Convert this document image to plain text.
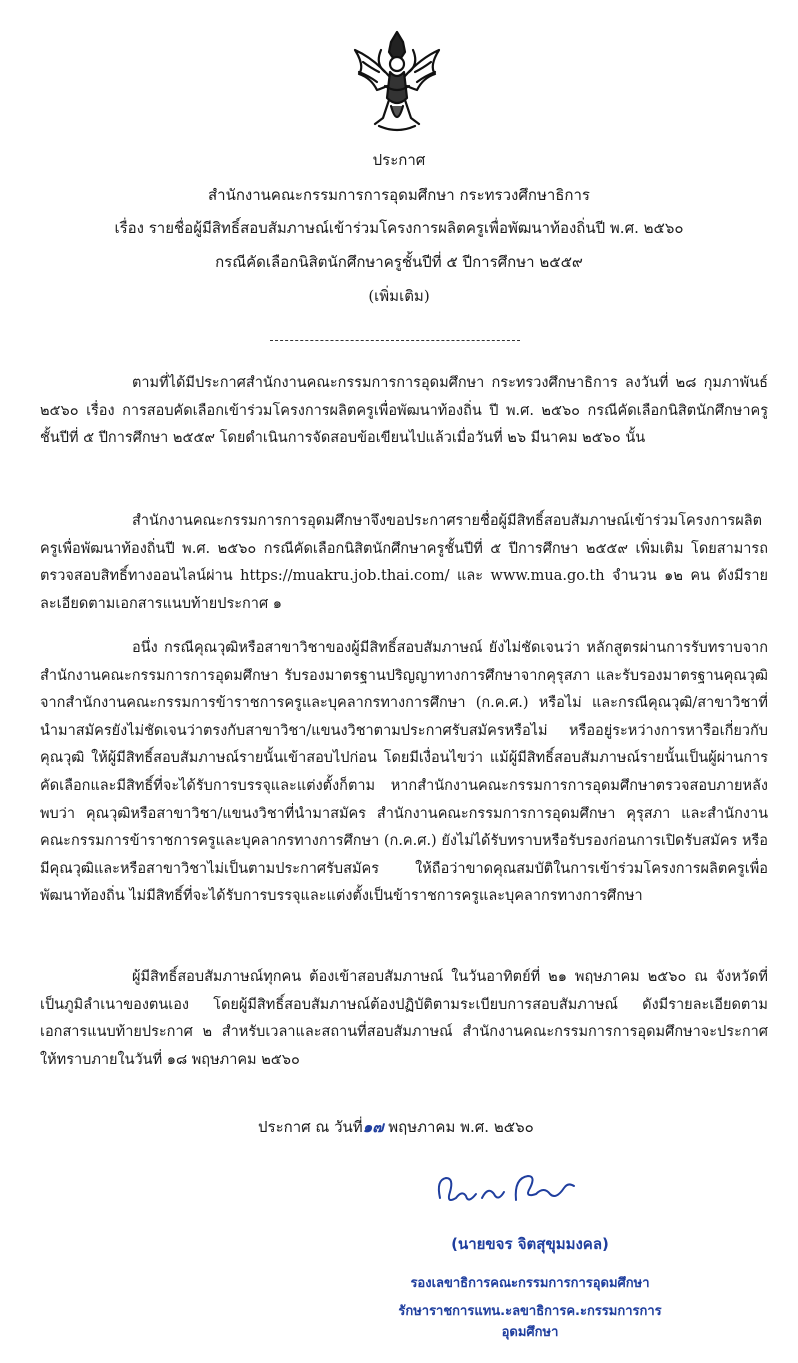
ประกาศ
สำนักงานคณะกรรมการการอุดมศึกษา กระทรวงศึกษาธิการ
เรื่อง รายชื่อผู้มีสิทธิ์สอบสัมภาษณ์เข้าร่วมโครงการผลิตครูเพื่อพัฒนาท้องถิ่นปี พ.ศ. ๒๕๖๐
กรณีคัดเลือกนิสิตนักศึกษาครูชั้นปีที่ ๕ ปีการศึกษา ๒๕๕๙
(เพิ่มเติม)
ตามที่ได้มีประกาศสำนักงานคณะกรรมการการอุดมศึกษา กระทรวงศึกษาธิการ ลงวันที่ ๒๘ กุมภาพันธ์ ๒๕๖๐ เรื่อง การสอบคัดเลือกเข้าร่วมโครงการผลิตครูเพื่อพัฒนาท้องถิ่น ปี พ.ศ. ๒๕๖๐ กรณีคัดเลือกนิสิตนักศึกษาครูชั้นปีที่ ๕ ปีการศึกษา ๒๕๕๙ โดยดำเนินการจัดสอบข้อเขียนไปแล้วเมื่อวันที่ ๒๖ มีนาคม ๒๕๖๐ นั้น
สำนักงานคณะกรรมการการอุดมศึกษาจึงขอประกาศรายชื่อผู้มีสิทธิ์สอบสัมภาษณ์เข้าร่วมโครงการผลิตครูเพื่อพัฒนาท้องถิ่นปี พ.ศ. ๒๕๖๐ กรณีคัดเลือกนิสิตนักศึกษาครูชั้นปีที่ ๕ ปีการศึกษา ๒๕๕๙ เพิ่มเติม โดยสามารถตรวจสอบสิทธิ์ทางออนไลน์ผ่าน https://muakru.job.thai.com/ และ www.mua.go.th จำนวน ๑๒ คน ดังมีรายละเอียดตามเอกสารแนบท้ายประกาศ ๑
อนึ่ง กรณีคุณวุฒิหรือสาขาวิชาของผู้มีสิทธิ์สอบสัมภาษณ์ ยังไม่ชัดเจนว่า หลักสูตรผ่านการรับทราบจากสำนักงานคณะกรรมการการอุดมศึกษา รับรองมาตรฐานปริญญาทางการศึกษาจากคุรุสภา และรับรองมาตรฐานคุณวุฒิจากสำนักงานคณะกรรมการข้าราชการครูและบุคลากรทางการศึกษา (ก.ค.ศ.) หรือไม่ และกรณีคุณวุฒิ/สาขาวิชาที่นำมาสมัครยังไม่ชัดเจนว่าตรงกับสาขาวิชา/แขนงวิชาตามประกาศรับสมัครหรือไม่ หรืออยู่ระหว่างการหารือเกี่ยวกับคุณวุฒิ ให้ผู้มีสิทธิ์สอบสัมภาษณ์รายนั้นเข้าสอบไปก่อน โดยมีเงื่อนไขว่า แม้ผู้มีสิทธิ์สอบสัมภาษณ์รายนั้นเป็นผู้ผ่านการคัดเลือกและมีสิทธิ์ที่จะได้รับการบรรจุและแต่งตั้งก็ตาม หากสำนักงานคณะกรรมการการอุดมศึกษาตรวจสอบภายหลังพบว่า คุณวุฒิหรือสาขาวิชา/แขนงวิชาที่นำมาสมัคร สำนักงานคณะกรรมการการอุดมศึกษา คุรุสภา และสำนักงานคณะกรรมการข้าราชการครูและบุคลากรทางการศึกษา (ก.ค.ศ.) ยังไม่ได้รับทราบหรือรับรองก่อนการเปิดรับสมัคร หรือมีคุณวุฒิและหรือสาขาวิชาไม่เป็นตามประกาศรับสมัคร ให้ถือว่าขาดคุณสมบัติในการเข้าร่วมโครงการผลิตครูเพื่อพัฒนาท้องถิ่น ไม่มีสิทธิ์ที่จะได้รับการบรรจุและแต่งตั้งเป็นข้าราชการครูและบุคลากรทางการศึกษา
ผู้มีสิทธิ์สอบสัมภาษณ์ทุกคน ต้องเข้าสอบสัมภาษณ์ ในวันอาทิตย์ที่ ๒๑ พฤษภาคม ๒๕๖๐ ณ จังหวัดที่เป็นภูมิลำเนาของตนเอง โดยผู้มีสิทธิ์สอบสัมภาษณ์ต้องปฏิบัติตามระเบียบการสอบสัมภาษณ์ ดังมีรายละเอียดตามเอกสารแนบท้ายประกาศ ๒ สำหรับเวลาและสถานที่สอบสัมภาษณ์ สำนักงานคณะกรรมการการอุดมศึกษาจะประกาศให้ทราบภายในวันที่ ๑๘ พฤษภาคม ๒๕๖๐
ประกาศ ณ วันที่๑๗ พฤษภาคม พ.ศ. ๒๕๖๐
(นายขจร จิตสุขุมมงคล)
รองเลขาธิการคณะกรรมการการอุดมศึกษา
รักษาราชการแทน.ะลขาธิการค.ะกรรมการการอุดมศึกษา
